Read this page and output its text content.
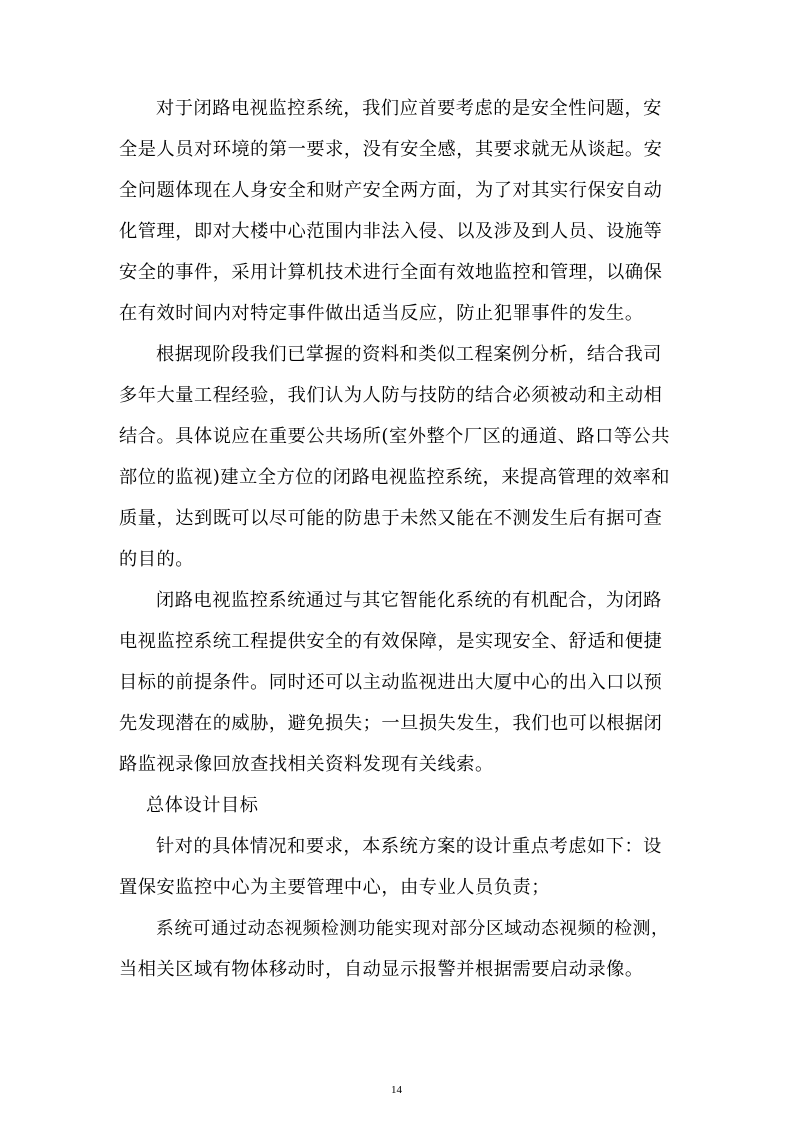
对于闭路电视监控系统，我们应首要考虑的是安全性问题，安

全是人员对环境的第一要求，没有安全感，其要求就无从谈起。安

全问题体现在人身安全和财产安全两方面，为了对其实行保安自动

化管理，即对大楼中心范围内非法入侵、以及涉及到人员、设施等

安全的事件，采用计算机技术进行全面有效地监控和管理，以确保

在有效时间内对特定事件做出适当反应，防止犯罪事件的发生。

根据现阶段我们已掌握的资料和类似工程案例分析，结合我司

多年大量工程经验，我们认为人防与技防的结合必须被动和主动相

结合。具体说应在重要公共场所(室外整个厂区的通道、路口等公共

部位的监视)建立全方位的闭路电视监控系统，来提高管理的效率和

质量，达到既可以尽可能的防患于未然又能在不测发生后有据可查

的目的。

闭路电视监控系统通过与其它智能化系统的有机配合，为闭路

电视监控系统工程提供安全的有效保障，是实现安全、舒适和便捷

目标的前提条件。同时还可以主动监视进出大厦中心的出入口以预

先发现潜在的威胁，避免损失；一旦损失发生，我们也可以根据闭

路监视录像回放查找相关资料发现有关线索。

总体设计目标

针对的具体情况和要求，本系统方案的设计重点考虑如下：设

置保安监控中心为主要管理中心，由专业人员负责；

系统可通过动态视频检测功能实现对部分区域动态视频的检测，

当相关区域有物体移动时，自动显示报警并根据需要启动录像。

14
